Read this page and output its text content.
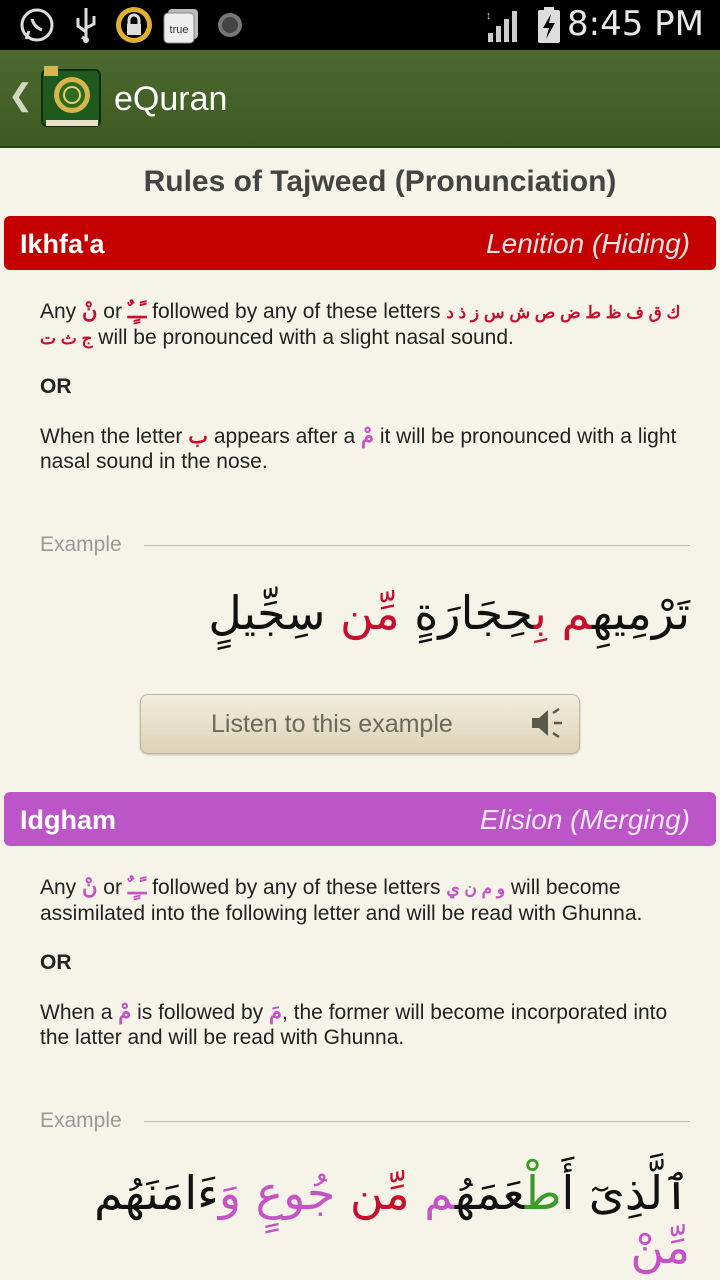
true
↕ 8:45 PM
❮ eQuran
Rules of Tajweed (Pronunciation)
Ikhfa'a	Lenition (Hiding)
Any نْ or ـًـٍـٌ followed by any of these letters ك ق ف ظ ط ض ص ش س ز ذ د ج ث ت will be pronounced with a slight nasal sound.
OR
When the letter ب appears after a مْ it will be pronounced with a light nasal sound in the nose.
Example
تَرْمِيهِم بِحِجَارَةٍ مِّن سِجِّيلٍ
Listen to this example
Idgham	Elision (Merging)
Any نْ or ـًـٍـٌ followed by any of these letters و م ن ي will become assimilated into the following letter and will be read with Ghunna.
OR
When a مْ is followed by مَ, the former will become incorporated into the latter and will be read with Ghunna.
Example
ٱلَّذِىٓ أَطْعَمَهُم مِّن جُوعٍ وَءَامَنَهُم مِّنْ
